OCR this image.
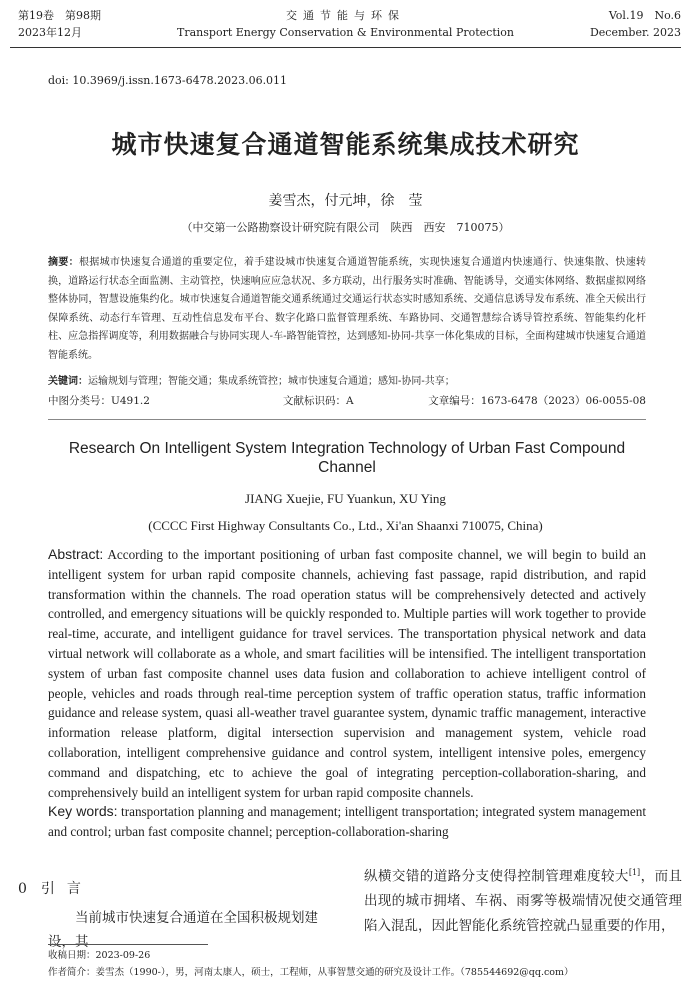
第19卷　第98期
2023年12月
交通节能与环保
Transport Energy Conservation & Environmental Protection
Vol.19　No.6
December. 2023
doi: 10.3969/j.issn.1673-6478.2023.06.011
城市快速复合通道智能系统集成技术研究
姜雪杰，付元坤，徐　莹
（中交第一公路勘察设计研究院有限公司　陕西　西安　710075）
摘要：根据城市快速复合通道的重要定位，着手建设城市快速复合通道智能系统，实现快速复合通道内快速通行、快速集散、快速转换，道路运行状态全面监测、主动管控，快速响应应急状况、多方联动，出行服务实时准确、智能诱导，交通实体网络、数据虚拟网络整体协同，智慧设施集约化。城市快速复合通道智能交通系统通过交通运行状态实时感知系统、交通信息诱导发布系统、准全天候出行保障系统、动态行车管理、互动性信息发布平台、数字化路口监督管理系统、车路协同、交通智慧综合诱导管控系统、智能集约化杆柱、应急指挥调度等，利用数据融合与协同实现人-车-路智能管控，达到感知-协同-共享一体化集成的目标，全面构建城市快速复合通道智能系统。
关键词：运输规划与管理；智能交通；集成系统管控；城市快速复合通道；感知-协同-共享；
中图分类号：U491.2	文献标识码：A	文章编号：1673-6478（2023）06-0055-08
Research On Intelligent System Integration Technology of Urban Fast Compound Channel
JIANG Xuejie, FU Yuankun, XU Ying
(CCCC First Highway Consultants Co., Ltd., Xi'an Shaanxi 710075, China)
Abstract: According to the important positioning of urban fast composite channel, we will begin to build an intelligent system for urban rapid composite channels, achieving fast passage, rapid distribution, and rapid transformation within the channels. The road operation status will be comprehensively detected and actively controlled, and emergency situations will be quickly responded to. Multiple parties will work together to provide real-time, accurate, and intelligent guidance for travel services. The transportation physical network and data virtual network will collaborate as a whole, and smart facilities will be intensified. The intelligent transportation system of urban fast composite channel uses data fusion and collaboration to achieve intelligent control of people, vehicles and roads through real-time perception system of traffic operation status, traffic information guidance and release system, quasi all-weather travel guarantee system, dynamic traffic management, interactive information release platform, digital intersection supervision and management system, vehicle road collaboration, intelligent comprehensive guidance and control system, intelligent intensive poles, emergency command and dispatching, etc to achieve the goal of integrating perception-collaboration-sharing, and comprehensively build an intelligent system for urban rapid composite channels.
Key words: transportation planning and management; intelligent transportation; integrated system management and control; urban fast composite channel; perception-collaboration-sharing
0 引言
当前城市快速复合通道在全国积极规划建设，其
纵横交错的道路分支使得控制管理难度较大[1]，而且出现的城市拥堵、车祸、雨雾等极端情况使交通管理陷入混乱，因此智能化系统管控就凸显重要的作用，
收稿日期：2023-09-26
作者简介：姜雪杰（1990-），男，河南太康人，硕士，工程师，从事智慧交通的研究及设计工作。（785544692@qq.com）
